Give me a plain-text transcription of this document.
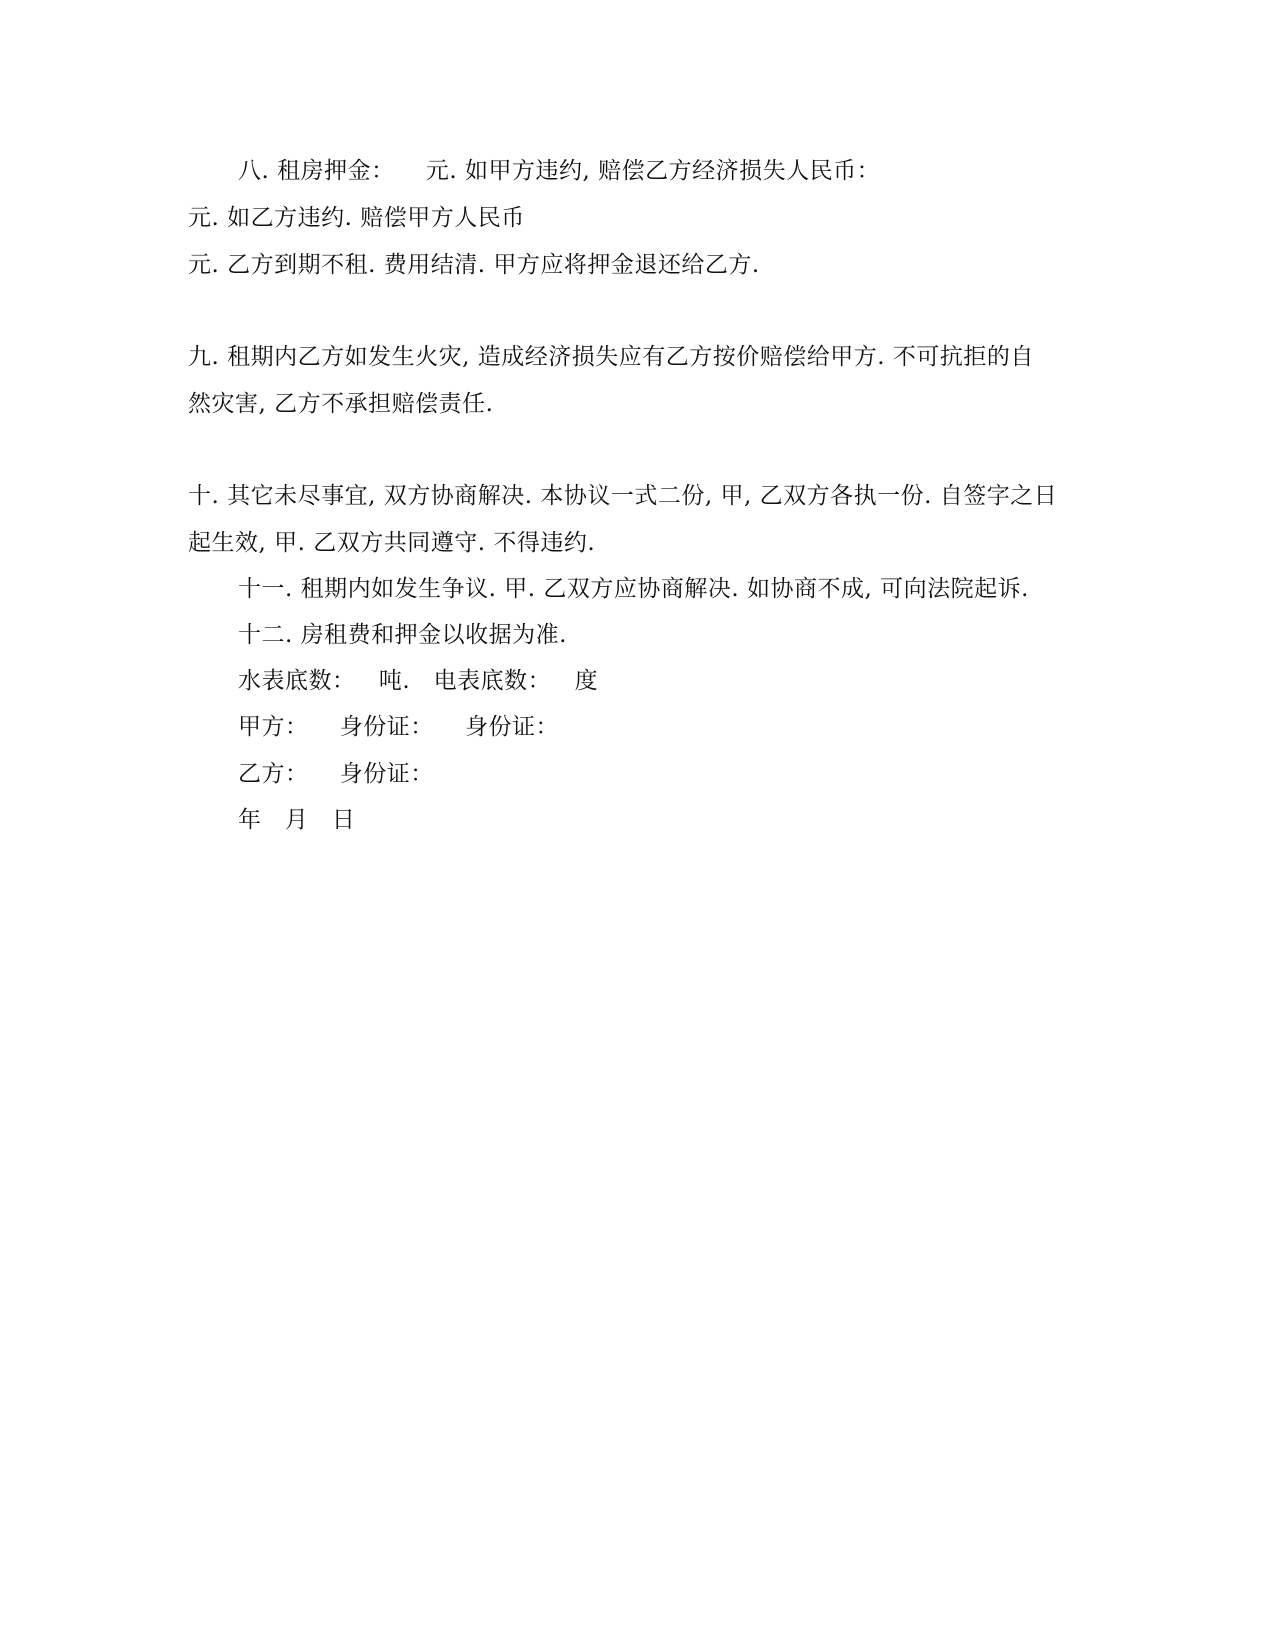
八. 租房押金：    元. 如甲方违约, 赔偿乙方经济损失人民币：
元. 如乙方违约. 赔偿甲方人民币
元. 乙方到期不租. 费用结清. 甲方应将押金退还给乙方.
九. 租期内乙方如发生火灾, 造成经济损失应有乙方按价赔偿给甲方. 不可抗拒的自
然灾害, 乙方不承担赔偿责任.
十. 其它未尽事宜, 双方协商解决. 本协议一式二份, 甲, 乙双方各执一份. 自签字之日
起生效, 甲. 乙双方共同遵守. 不得违约.
十一. 租期内如发生争议. 甲. 乙双方应协商解决. 如协商不成, 可向法院起诉.
十二. 房租费和押金以收据为准.
水表底数：   吨.   电表底数：   度
甲方：    身份证：    身份证：
乙方：    身份证：
年   月   日
